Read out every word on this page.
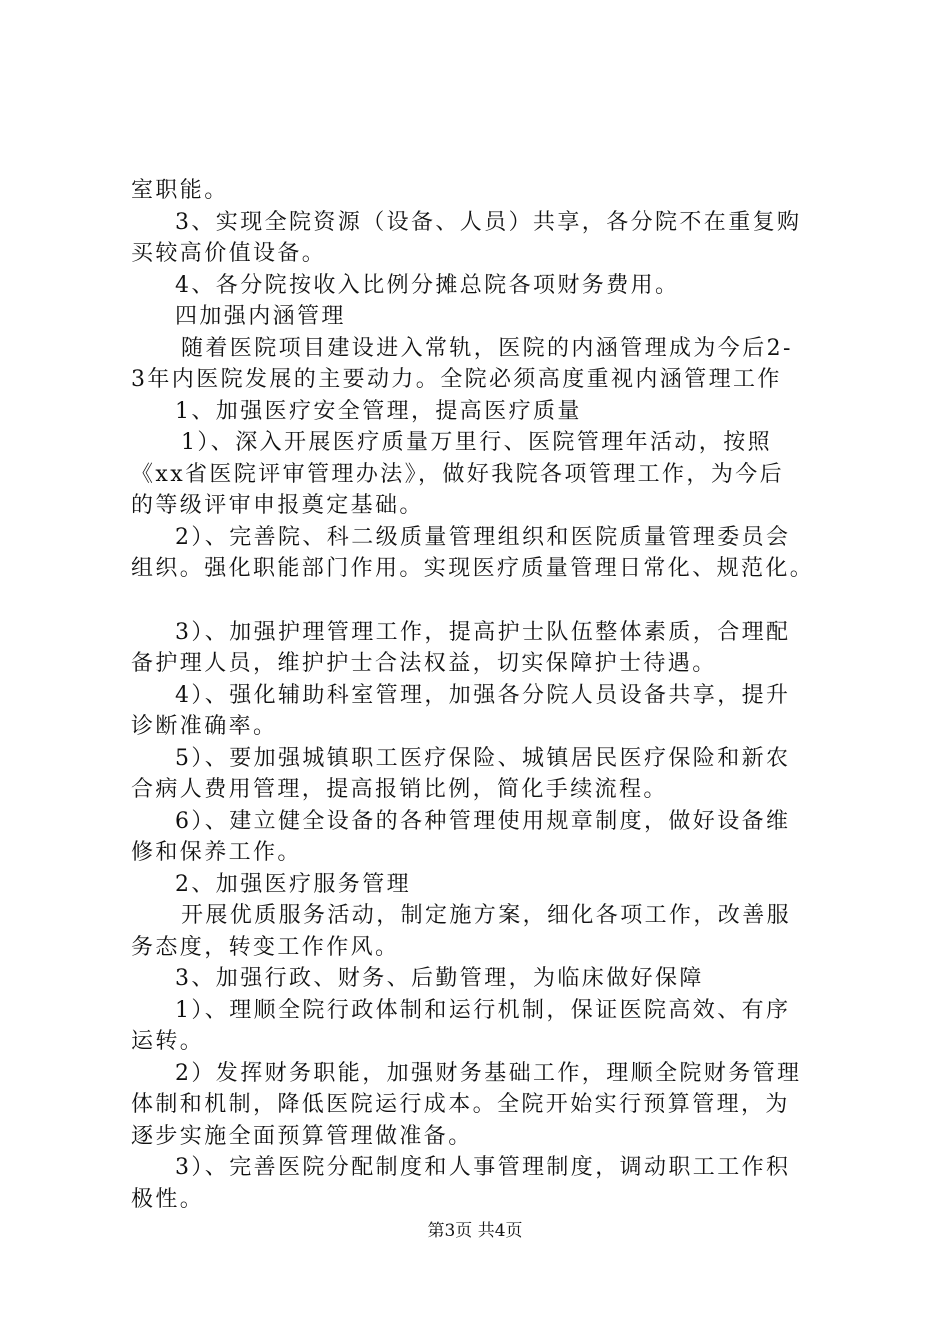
室职能。
3、实现全院资源（设备、人员）共享，各分院不在重复购
买较高价值设备。
4、各分院按收入比例分摊总院各项财务费用。
四加强内涵管理
随着医院项目建设进入常轨，医院的内涵管理成为今后2-
3年内医院发展的主要动力。全院必须高度重视内涵管理工作
1、加强医疗安全管理，提高医疗质量
1）、深入开展医疗质量万里行、医院管理年活动，按照
《xx省医院评审管理办法》，做好我院各项管理工作，为今后
的等级评审申报奠定基础。
2）、完善院、科二级质量管理组织和医院质量管理委员会
组织。强化职能部门作用。实现医疗质量管理日常化、规范化。
3）、加强护理管理工作，提高护士队伍整体素质，合理配
备护理人员，维护护士合法权益，切实保障护士待遇。
4）、强化辅助科室管理，加强各分院人员设备共享，提升
诊断准确率。
5）、要加强城镇职工医疗保险、城镇居民医疗保险和新农
合病人费用管理，提高报销比例，简化手续流程。
6）、建立健全设备的各种管理使用规章制度，做好设备维
修和保养工作。
2、加强医疗服务管理
开展优质服务活动，制定施方案，细化各项工作，改善服
务态度，转变工作作风。
3、加强行政、财务、后勤管理，为临床做好保障
1）、理顺全院行政体制和运行机制，保证医院高效、有序
运转。
2）发挥财务职能，加强财务基础工作，理顺全院财务管理
体制和机制，降低医院运行成本。全院开始实行预算管理，为
逐步实施全面预算管理做准备。
3）、完善医院分配制度和人事管理制度，调动职工工作积
极性。
第3页 共4页
